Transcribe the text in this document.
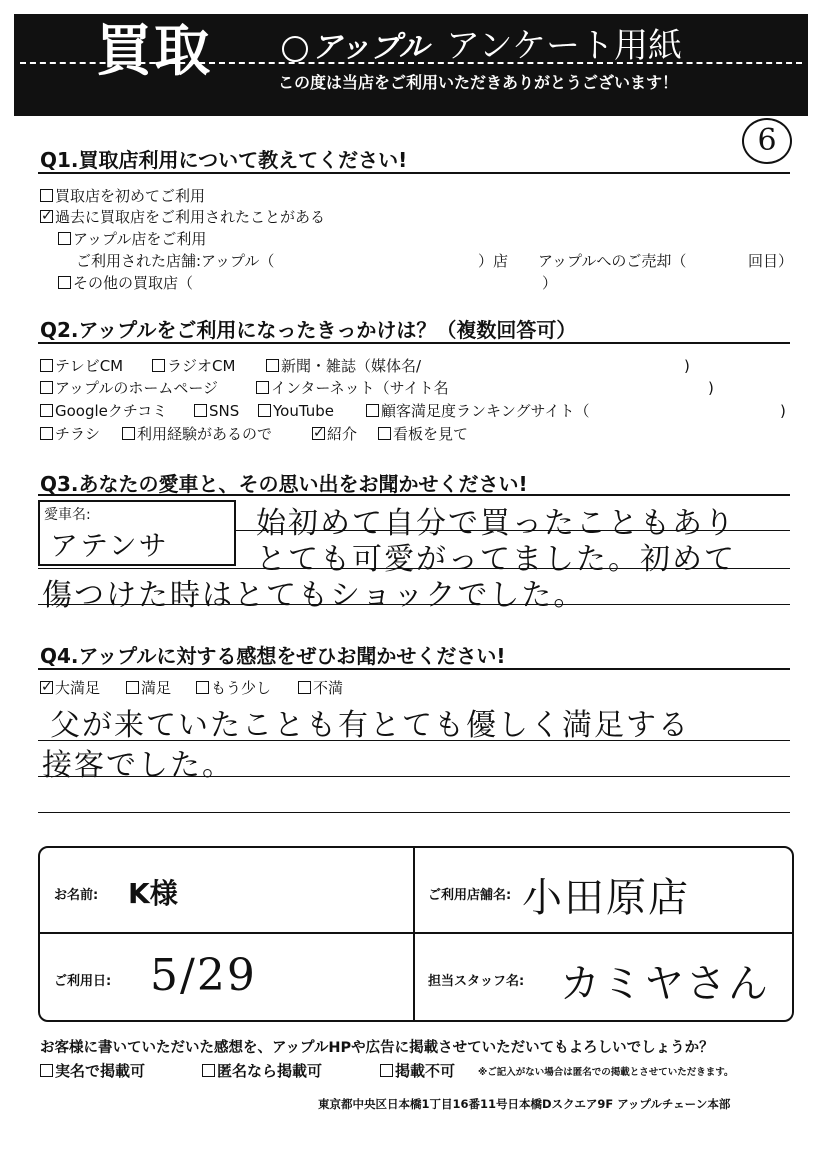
買取	アップル アンケート用紙
この度は当店をご利用いただきありがとうございます！
6
Q1.買取店利用について教えてください!
買取店を初めてご利用
✓ 過去に買取店をご利用されたことがある
アップル店をご利用
ご利用された店舗:アップル（	）店 アップルへのご売却（	回目）
その他の買取店（	）
Q2.アップルをご利用になったきっかけは？（複数回答可）
テレビCM	ラジオCM	新聞・雑誌（媒体名/	)
アップルのホームページ	インターネット（サイト名	)
Googleクチコミ	SNS	YouTube	顧客満足度ランキングサイト（	)
チラシ	利用経験があるので	✓ 紹介	看板を見て
Q3.あなたの愛車と、その思い出をお聞かせください!
愛車名:
アテンサ
始初めて自分で買ったこともあり
とても可愛がってました。初めて
傷つけた時はとてもショックでした。
Q4.アップルに対する感想をぜひお聞かせください!
✓ 大満足	満足	もう少し	不満
父が来ていたことも有とても優しく満足する
接客でした。
お名前: K様	ご利用店舗名: 小田原店
ご利用日: 5/29	担当スタッフ名: カミヤさん
お客様に書いていただいた感想を、アップルHPや広告に掲載させていただいてもよろしいでしょうか？
実名で掲載可	匿名なら掲載可	掲載不可 ※ご記入がない場合は匿名での掲載とさせていただきます。
東京都中央区日本橋1丁目16番11号日本橋Dスクエア9F アップルチェーン本部
